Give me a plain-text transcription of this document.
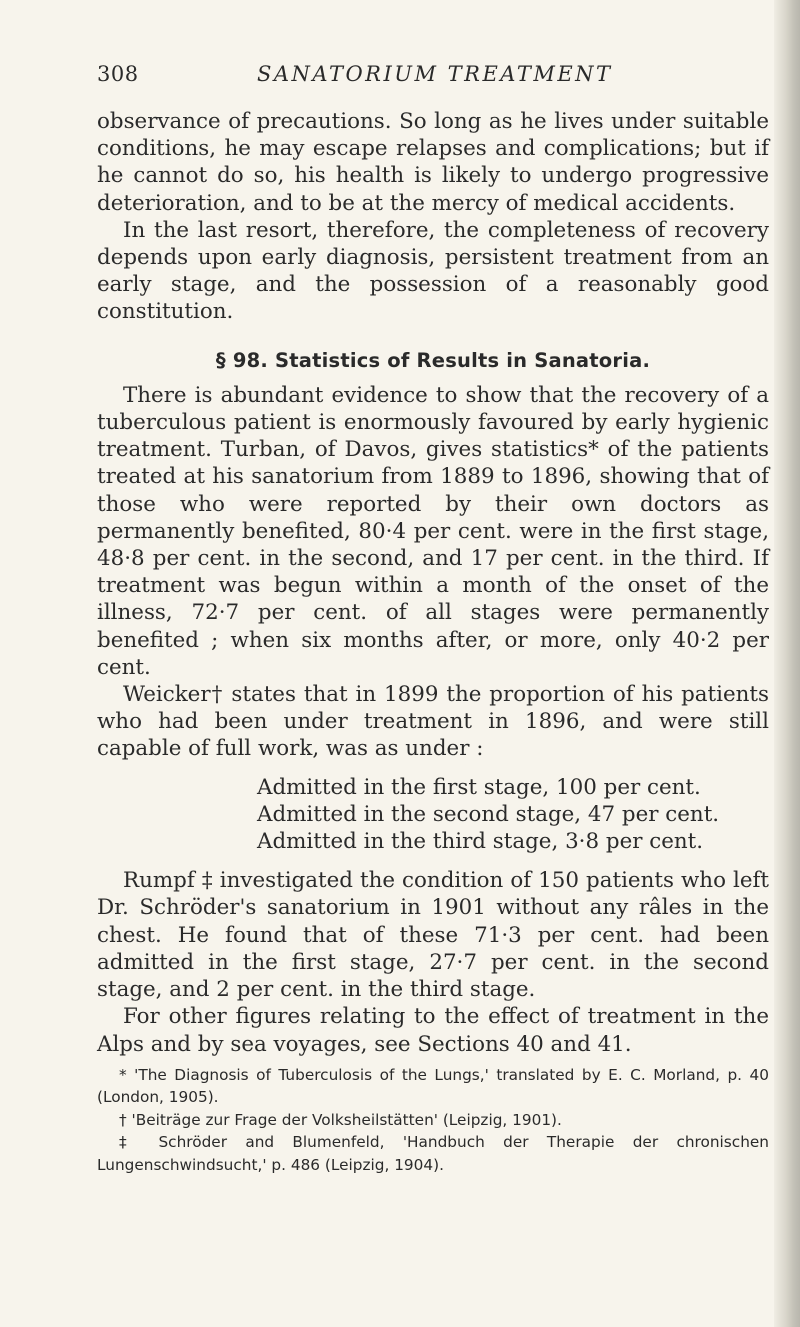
308	SANATORIUM TREATMENT

observance of precautions. So long as he lives under suitable conditions, he may escape relapses and complications; but if he cannot do so, his health is likely to undergo progressive deterioration, and to be at the mercy of medical accidents.

In the last resort, therefore, the completeness of recovery depends upon early diagnosis, persistent treatment from an early stage, and the possession of a reasonably good constitution.

§ 98. Statistics of Results in Sanatoria.

There is abundant evidence to show that the recovery of a tuberculous patient is enormously favoured by early hygienic treatment. Turban, of Davos, gives statistics* of the patients treated at his sanatorium from 1889 to 1896, showing that of those who were reported by their own doctors as permanently benefited, 80·4 per cent. were in the first stage, 48·8 per cent. in the second, and 17 per cent. in the third. If treatment was begun within a month of the onset of the illness, 72·7 per cent. of all stages were permanently benefited ; when six months after, or more, only 40·2 per cent.

Weicker† states that in 1899 the proportion of his patients who had been under treatment in 1896, and were still capable of full work, was as under :

Admitted in the first stage, 100 per cent.
Admitted in the second stage, 47 per cent.
Admitted in the third stage, 3·8 per cent.

Rumpf ‡ investigated the condition of 150 patients who left Dr. Schröder's sanatorium in 1901 without any râles in the chest. He found that of these 71·3 per cent. had been admitted in the first stage, 27·7 per cent. in the second stage, and 2 per cent. in the third stage.

For other figures relating to the effect of treatment in the Alps and by sea voyages, see Sections 40 and 41.

* 'The Diagnosis of Tuberculosis of the Lungs,' translated by E. C. Morland, p. 40 (London, 1905).

† 'Beiträge zur Frage der Volksheilstätten' (Leipzig, 1901).

‡ Schröder and Blumenfeld, 'Handbuch der Therapie der chronischen Lungenschwindsucht,' p. 486 (Leipzig, 1904).
